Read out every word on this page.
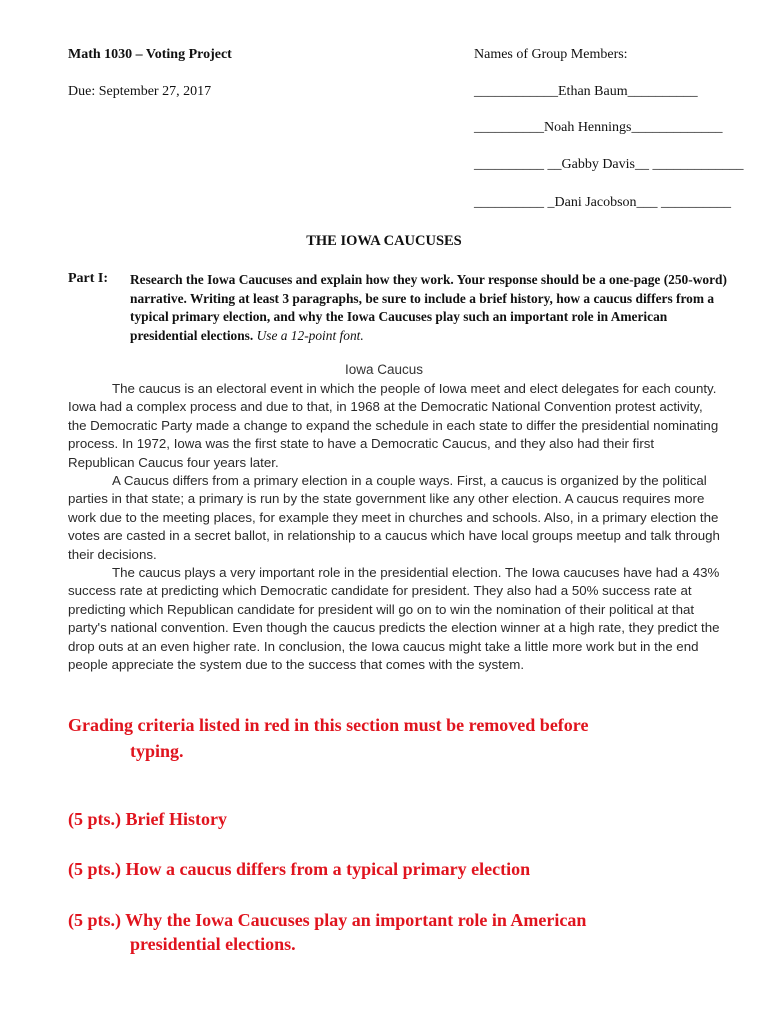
Math 1030 – Voting Project
Due: September 27, 2017
Names of Group Members:
____________Ethan Baum__________
__________Noah Hennings_____________
__________ __Gabby Davis__ _____________
__________ _Dani Jacobson___ __________
THE IOWA CAUCUSES
Part I: Research the Iowa Caucuses and explain how they work. Your response should be a one-page (250-word) narrative. Writing at least 3 paragraphs, be sure to include a brief history, how a caucus differs from a typical primary election, and why the Iowa Caucuses play such an important role in American presidential elections. Use a 12-point font.
Iowa Caucus

The caucus is an electoral event in which the people of Iowa meet and elect delegates for each county. Iowa had a complex process and due to that, in 1968 at the Democratic National Convention protest activity, the Democratic Party made a change to expand the schedule in each state to differ the presidential nominating process. In 1972, Iowa was the first state to have a Democratic Caucus, and they also had their first Republican Caucus four years later.

A Caucus differs from a primary election in a couple ways. First, a caucus is organized by the political parties in that state; a primary is run by the state government like any other election. A caucus requires more work due to the meeting places, for example they meet in churches and schools. Also, in a primary election the votes are casted in a secret ballot, in relationship to a caucus which have local groups meetup and talk through their decisions.

The caucus plays a very important role in the presidential election. The Iowa caucuses have had a 43% success rate at predicting which Democratic candidate for president. They also had a 50% success rate at predicting which Republican candidate for president will go on to win the nomination of their political at that party's national convention. Even though the caucus predicts the election winner at a high rate, they predict the drop outs at an even higher rate. In conclusion, the Iowa caucus might take a little more work but in the end people appreciate the system due to the success that comes with the system.

Grading criteria listed in red in this section must be removed before
typing.
(5 pts.) Brief History
(5 pts.) How a caucus differs from a typical primary election
(5 pts.) Why the Iowa Caucuses play an important role in American
presidential elections.
